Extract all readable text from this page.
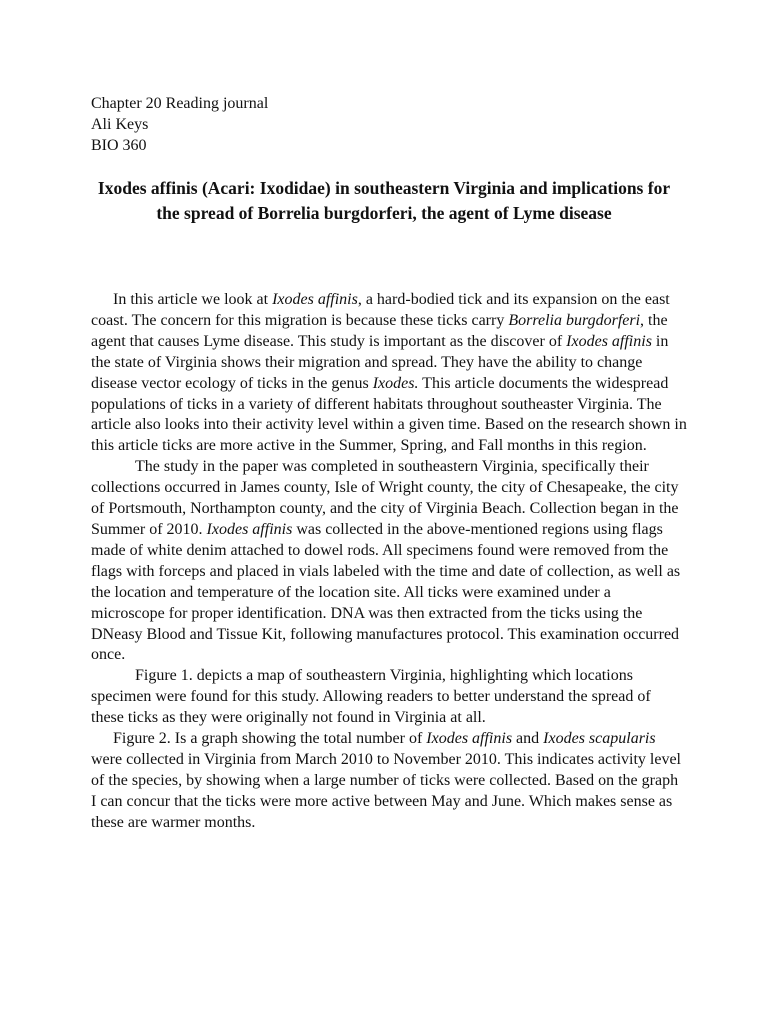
Chapter 20 Reading journal
Ali Keys
BIO 360
Ixodes affinis (Acari: Ixodidae) in southeastern Virginia and implications for the spread of Borrelia burgdorferi, the agent of Lyme disease

In this article we look at Ixodes affinis, a hard-bodied tick and its expansion on the east coast. The concern for this migration is because these ticks carry Borrelia burgdorferi, the agent that causes Lyme disease. This study is important as the discover of Ixodes affinis in the state of Virginia shows their migration and spread. They have the ability to change disease vector ecology of ticks in the genus Ixodes. This article documents the widespread populations of ticks in a variety of different habitats throughout southeaster Virginia. The article also looks into their activity level within a given time. Based on the research shown in this article ticks are more active in the Summer, Spring, and Fall months in this region.

The study in the paper was completed in southeastern Virginia, specifically their collections occurred in James county, Isle of Wright county, the city of Chesapeake, the city of Portsmouth, Northampton county, and the city of Virginia Beach. Collection began in the Summer of 2010. Ixodes affinis was collected in the above-mentioned regions using flags made of white denim attached to dowel rods. All specimens found were removed from the flags with forceps and placed in vials labeled with the time and date of collection, as well as the location and temperature of the location site. All ticks were examined under a microscope for proper identification. DNA was then extracted from the ticks using the DNeasy Blood and Tissue Kit, following manufactures protocol. This examination occurred once.

Figure 1. depicts a map of southeastern Virginia, highlighting which locations specimen were found for this study. Allowing readers to better understand the spread of these ticks as they were originally not found in Virginia at all.

Figure 2. Is a graph showing the total number of Ixodes affinis and Ixodes scapularis were collected in Virginia from March 2010 to November 2010. This indicates activity level of the species, by showing when a large number of ticks were collected. Based on the graph I can concur that the ticks were more active between May and June. Which makes sense as these are warmer months.
